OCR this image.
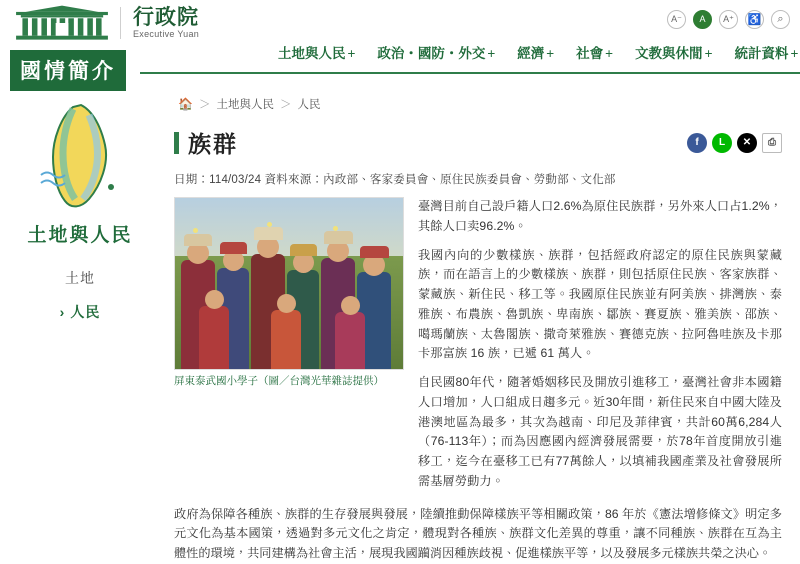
A⁻	A	A⁺	♿	⌕
行政院
Executive Yuan
國情簡介
土地與人民 + 政治・國防・外交 + 經濟 + 社會 + 文教與休閒 + 統計資料 +
土地與人民
土地
› 人民
🏠 ＞ 土地與人民 ＞ 人民
族群	f	L	✕	⎙
日期：114/03/24 資料來源：內政部、客家委員會、原住民族委員會、勞動部、文化部
屏東泰武國小學子（圖／台灣光華雜誌提供）

臺灣目前自己設戶籍人口2.6%為原住民族群，另外來人口占1.2%，其餘人口卖96.2%。

我國內向的少數樣族、族群，包括經政府認定的原住民族與蒙藏族，而在語言上的少數樣族、族群，則包括原住民族、客家族群、蒙藏族、新住民、移工等。我國原住民族並有阿美族、排灣族、泰雅族、布農族、魯凱族、卑南族、鄒族、賽夏族、雅美族、邵族、噶瑪蘭族、太魯閣族、撒奇萊雅族、賽德克族、拉阿魯哇族及卡那卡那富族 16 族，已遞 61 萬人。

自民國80年代，隨著婚姻移民及開放引進移工，臺灣社會非本國籍人口增加，人口組成日趨多元。近30年間，新住民來自中國大陸及港澳地區為最多，其次為越南、印尼及菲律賓，共計60萬6,284人（76-113年）；而為因應國內經濟發展需要，於78年首度開放引進移工，迄今在臺移工已有77萬餘人，以填補我國產業及社會發展所需基層勞動力。

政府為保障各種族、族群的生存發展與發展，陸續推動保障樣族平等相關政策，86 年於《憲法增修條文》明定多元文化為基本國策，透過對多元文化之肯定，體現對各種族、族群文化差異的尊重，讓不同種族、族群在互為主體性的環境，共同建構為社會主活，展現我國躏消因種族歧視、促進樣族平等，以及發展多元樣族共榮之決心。
